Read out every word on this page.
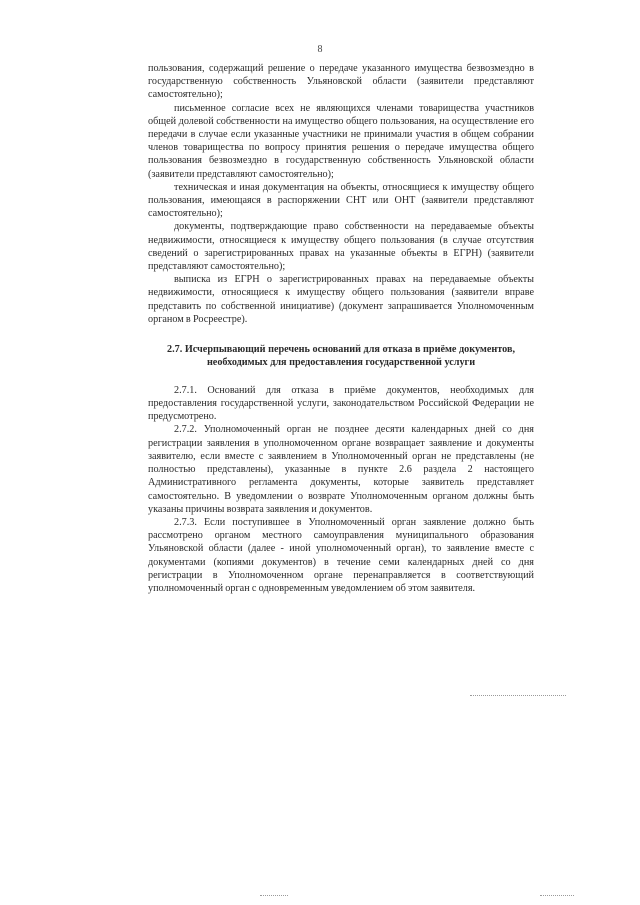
8

пользования, содержащий решение о передаче указанного имущества безвозмездно в государственную собственность Ульяновской области (заявители представляют самостоятельно);

письменное согласие всех не являющихся членами товарищества участников общей долевой собственности на имущество общего пользования, на осуществление его передачи в случае если указанные участники не принимали участия в общем собрании членов товарищества по вопросу принятия решения о передаче имущества общего пользования безвозмездно в государственную собственность Ульяновской области (заявители представляют самостоятельно);

техническая и иная документация на объекты, относящиеся к имуществу общего пользования, имеющаяся в распоряжении СНТ или ОНТ (заявители представляют самостоятельно);

документы, подтверждающие право собственности на передаваемые объекты недвижимости, относящиеся к имуществу общего пользования (в случае отсутствия сведений о зарегистрированных правах на указанные объекты в ЕГРН) (заявители представляют самостоятельно);

выписка из ЕГРН о зарегистрированных правах на передаваемые объекты недвижимости, относящиеся к имуществу общего пользования (заявители вправе представить по собственной инициативе) (документ запрашивается Уполномоченным органом в Росреестре).

2.7. Исчерпывающий перечень оснований для отказа в приёме документов, необходимых для предоставления государственной услуги

2.7.1. Оснований для отказа в приёме документов, необходимых для предоставления государственной услуги, законодательством Российской Федерации не предусмотрено.

2.7.2. Уполномоченный орган не позднее десяти календарных дней со дня регистрации заявления в уполномоченном органе возвращает заявление и документы заявителю, если вместе с заявлением в Уполномоченный орган не представлены (не полностью представлены), указанные в пункте 2.6 раздела 2 настоящего Административного регламента документы, которые заявитель представляет самостоятельно. В уведомлении о возврате Уполномоченным органом должны быть указаны причины возврата заявления и документов.

2.7.3. Если поступившее в Уполномоченный орган заявление должно быть рассмотрено органом местного самоуправления муниципального образования Ульяновской области (далее - иной уполномоченный орган), то заявление вместе с документами (копиями документов) в течение семи календарных дней со дня регистрации в Уполномоченном органе перенаправляется в соответствующий уполномоченный орган с одновременным уведомлением об этом заявителя.
